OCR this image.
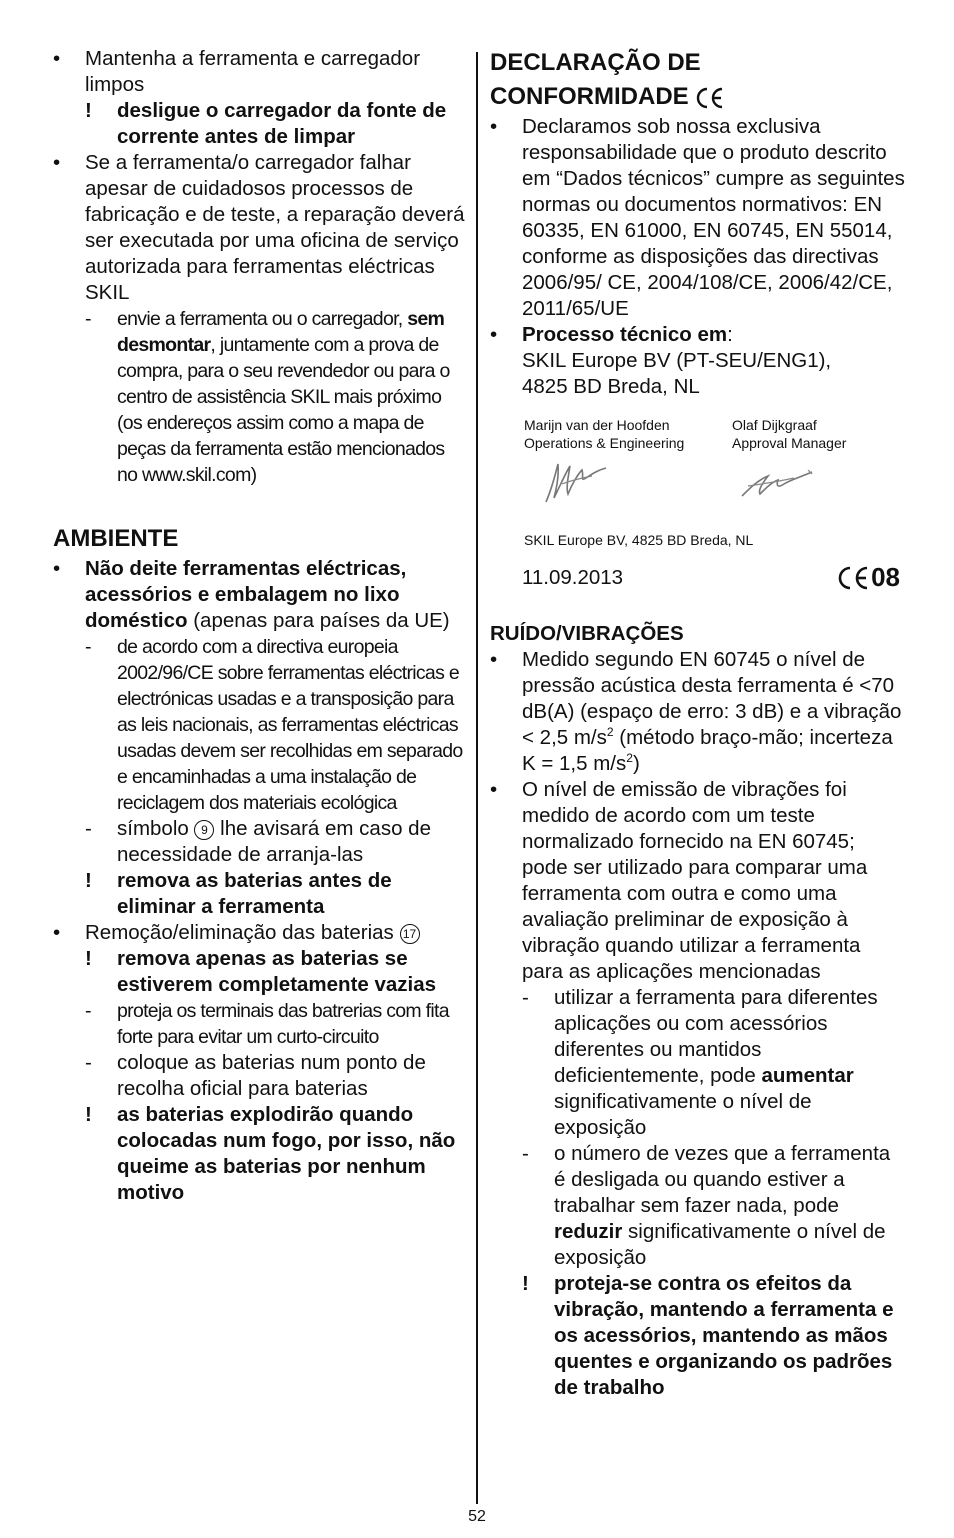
•	Mantenha a ferramenta e carregador limpos
!	desligue o carregador da fonte de corrente antes de limpar
•	Se a ferramenta/o carregador falhar apesar de cuidadosos processos de fabricação e de teste, a reparação deverá ser executada por uma oficina de serviço autorizada para ferramentas eléctricas SKIL
-	envie a ferramenta ou o carregador, sem desmontar, juntamente com a prova de compra, para o seu revendedor ou para o centro de assistência SKIL mais próximo (os endereços assim como a mapa de peças da ferramenta estão mencionados no www.skil.com)
AMBIENTE
•	Não deite ferramentas eléctricas, acessórios e embalagem no lixo doméstico (apenas para países da UE)
-	de acordo com a directiva europeia 2002/96/CE sobre ferramentas eléctricas e electrónicas usadas e a transposição para as leis nacionais, as ferramentas eléctricas usadas devem ser recolhidas em separado e encaminhadas a uma instalação de reciclagem dos materiais ecológica
-	símbolo 9 lhe avisará em caso de necessidade de arranja-las
!	remova as baterias antes de eliminar a ferramenta
•	Remoção/eliminação das baterias 17
!	remova apenas as baterias se estiverem completamente vazias
-	proteja os terminais das batrerias com fita forte para evitar um curto-circuito
-	coloque as baterias num ponto de recolha oficial para baterias
!	as baterias explodirão quando colocadas num fogo, por isso, não queime as baterias por nenhum motivo
DECLARAÇÃO DE
CONFORMIDADE
•	Declaramos sob nossa exclusiva responsabilidade que o produto descrito em “Dados técnicos” cumpre as seguintes normas ou documentos normativos: EN 60335, EN 61000, EN 60745, EN 55014, conforme as disposições das directivas 2006/95/ CE, 2004/108/CE, 2006/42/CE, 2011/65/UE
•	Processo técnico em:
SKIL Europe BV (PT-SEU/ENG1),
4825 BD Breda, NL
Marijn van der Hoofden
Operations & Engineering
Olaf Dijkgraaf
Approval Manager
SKIL Europe BV, 4825 BD Breda, NL
11.09.2013	08
RUÍDO/VIBRAÇÕES
•	Medido segundo EN 60745 o nível de pressão acústica desta ferramenta é <70 dB(A) (espaço de erro: 3 dB) e a vibração < 2,5 $m/s^2$ (método braço-mão; incerteza K = 1,5 $m/s^2$)
•	O nível de emissão de vibrações foi medido de acordo com um teste normalizado fornecido na EN 60745; pode ser utilizado para comparar uma ferramenta com outra e como uma avaliação preliminar de exposição à vibração quando utilizar a ferramenta para as aplicações mencionadas
-	utilizar a ferramenta para diferentes aplicações ou com acessórios diferentes ou mantidos deficientemente, pode aumentar significativamente o nível de exposição
-	o número de vezes que a ferramenta é desligada ou quando estiver a trabalhar sem fazer nada, pode reduzir significativamente o nível de exposição
!	proteja-se contra os efeitos da vibração, mantendo a ferramenta e os acessórios, mantendo as mãos quentes e organizando os padrões de trabalho
52
